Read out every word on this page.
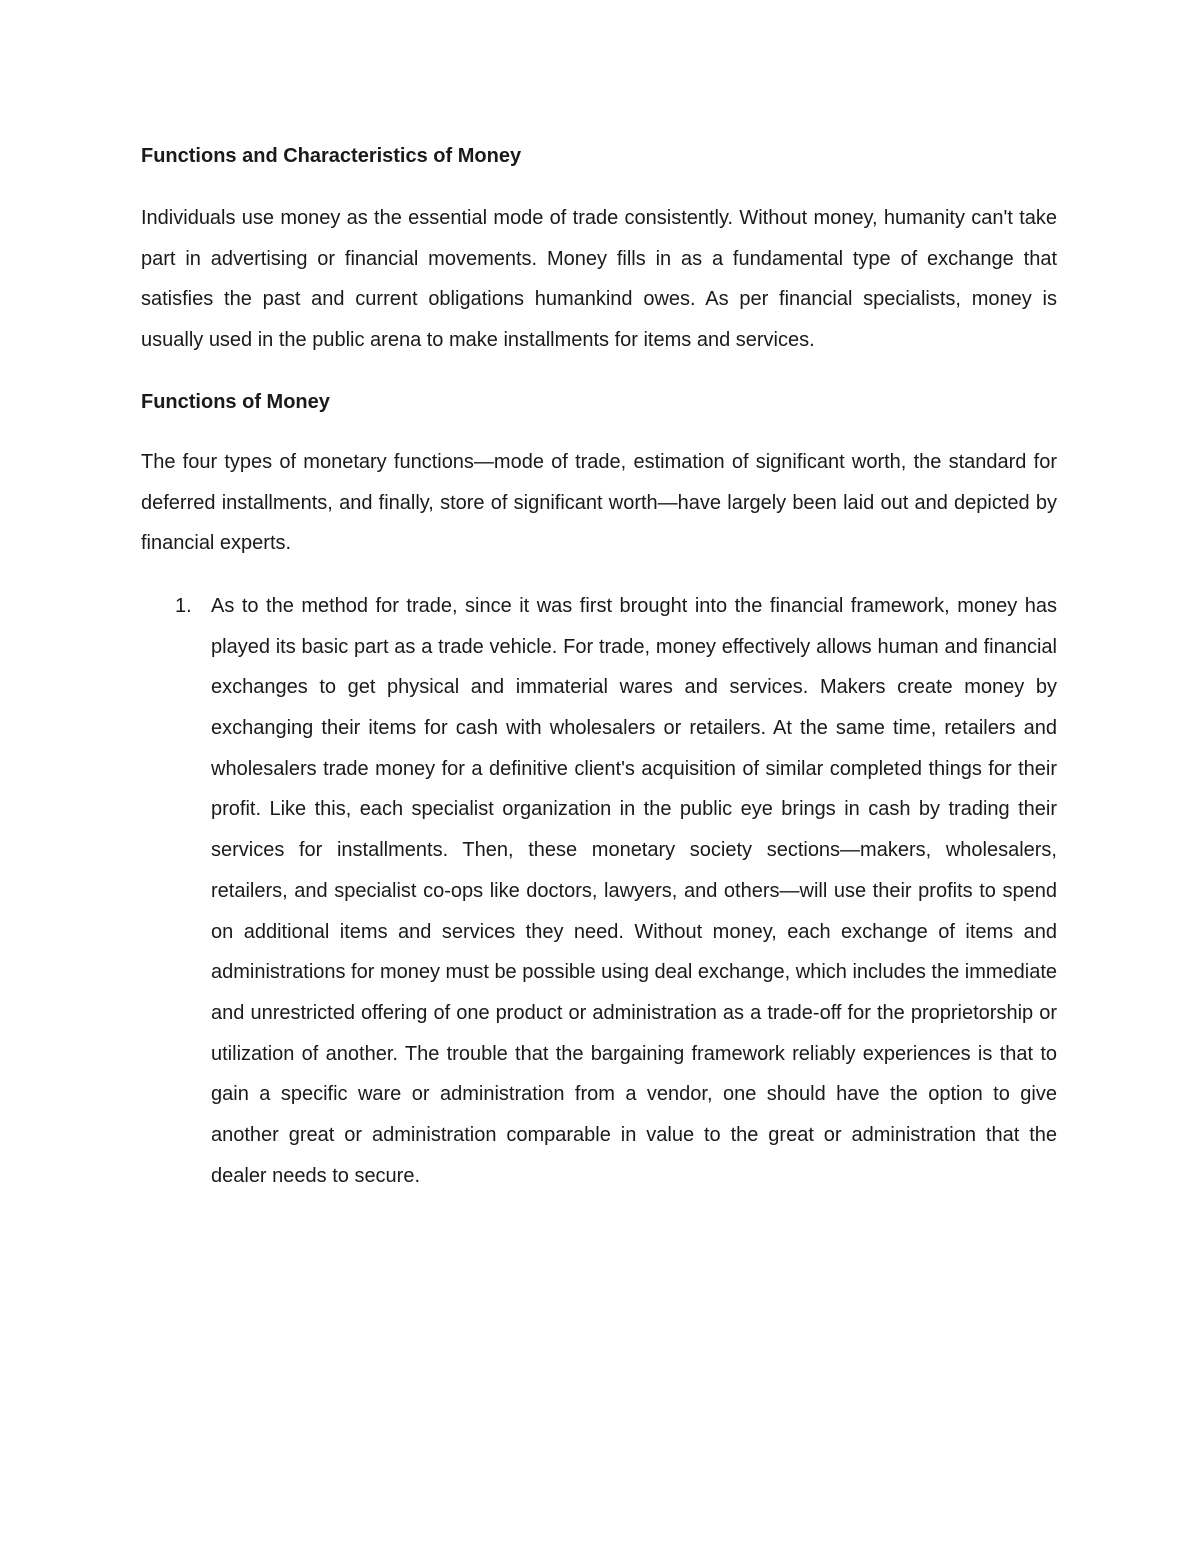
Functions and Characteristics of Money

Individuals use money as the essential mode of trade consistently. Without money, humanity can't take part in advertising or financial movements. Money fills in as a fundamental type of exchange that satisfies the past and current obligations humankind owes. As per financial specialists, money is usually used in the public arena to make installments for items and services.

Functions of Money

The four types of monetary functions—mode of trade, estimation of significant worth, the standard for deferred installments, and finally, store of significant worth—have largely been laid out and depicted by financial experts.

1. As to the method for trade, since it was first brought into the financial framework, money has played its basic part as a trade vehicle. For trade, money effectively allows human and financial exchanges to get physical and immaterial wares and services. Makers create money by exchanging their items for cash with wholesalers or retailers. At the same time, retailers and wholesalers trade money for a definitive client's acquisition of similar completed things for their profit. Like this, each specialist organization in the public eye brings in cash by trading their services for installments. Then, these monetary society sections—makers, wholesalers, retailers, and specialist co-ops like doctors, lawyers, and others—will use their profits to spend on additional items and services they need. Without money, each exchange of items and administrations for money must be possible using deal exchange, which includes the immediate and unrestricted offering of one product or administration as a trade-off for the proprietorship or utilization of another. The trouble that the bargaining framework reliably experiences is that to gain a specific ware or administration from a vendor, one should have the option to give another great or administration comparable in value to the great or administration that the dealer needs to secure.
